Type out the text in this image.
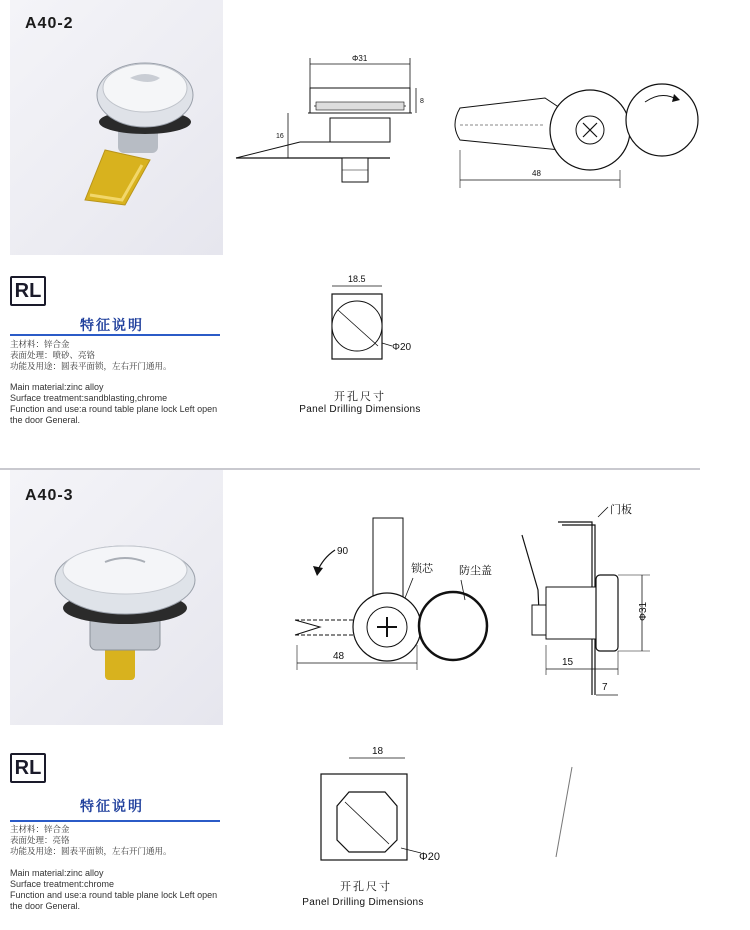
A40-2
Φ31
8
16
48
RL
特征说明
主材料：锌合金
表面处理：喷砂、亮铬
功能及用途：圆表平面锁，左右开门通用。
Main material:zinc alloy
Surface treatment:sandblasting,chrome
Function and use:a round table plane lock Left open the door General.
18.5
Φ20
开孔尺寸
Panel Drilling Dimensions
A40-3
90
锁芯 防尘盖
48
门板
Φ31
15
7
RL
特征说明
主材料：锌合金
表面处理：亮铬
功能及用途：圆表平面锁，左右开门通用。
Main material:zinc alloy
Surface treatment:chrome
Function and use:a round table plane lock Left open the door General.
18
Φ20
开孔尺寸
Panel Drilling Dimensions
